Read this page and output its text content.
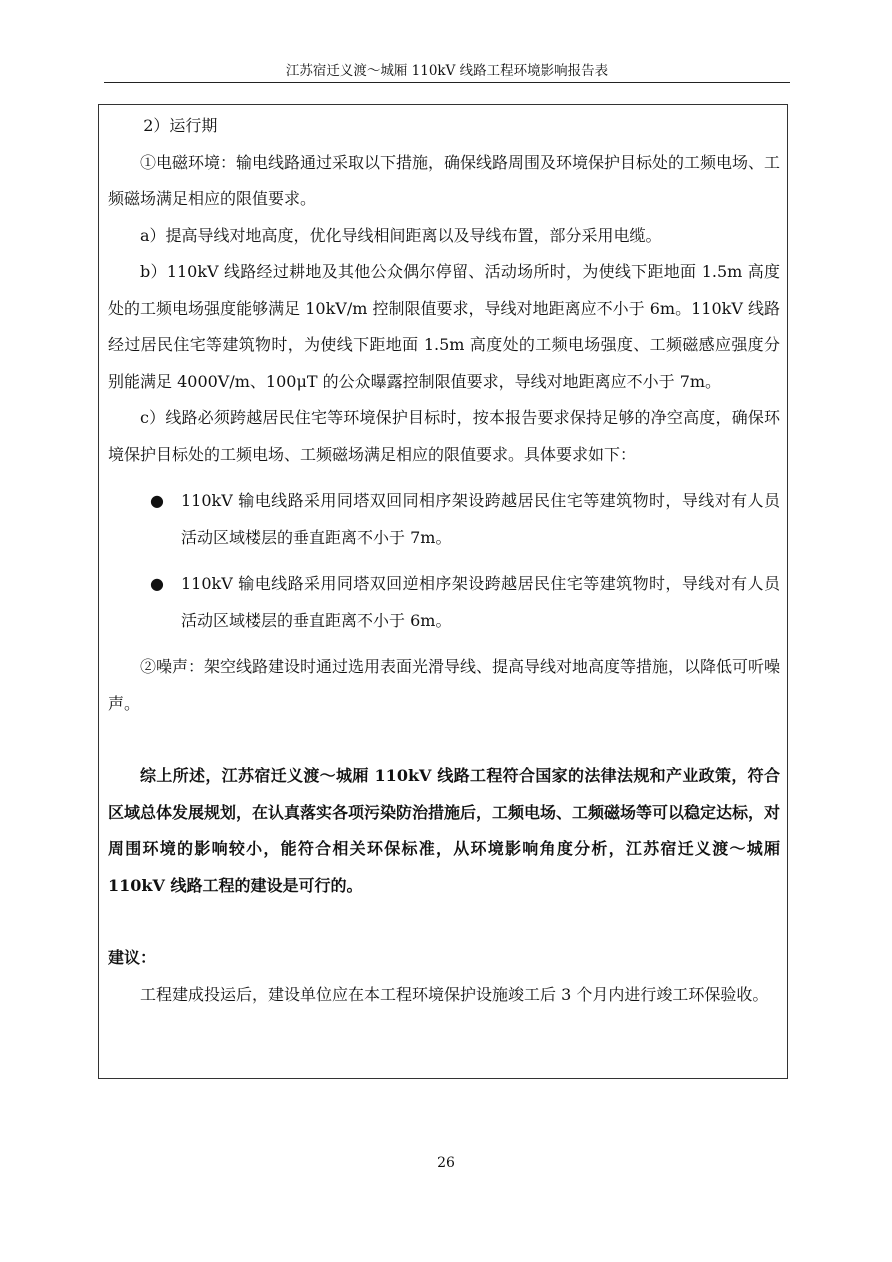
江苏宿迁义渡～城厢 110kV 线路工程环境影响报告表

2）运行期

①电磁环境：输电线路通过采取以下措施，确保线路周围及环境保护目标处的工频电场、工频磁场满足相应的限值要求。

a）提高导线对地高度，优化导线相间距离以及导线布置，部分采用电缆。

b）110kV 线路经过耕地及其他公众偶尔停留、活动场所时，为使线下距地面 1.5m 高度处的工频电场强度能够满足 10kV/m 控制限值要求，导线对地距离应不小于 6m。110kV 线路经过居民住宅等建筑物时，为使线下距地面 1.5m 高度处的工频电场强度、工频磁感应强度分别能满足 4000V/m、100μT 的公众曝露控制限值要求，导线对地距离应不小于 7m。

c）线路必须跨越居民住宅等环境保护目标时，按本报告要求保持足够的净空高度，确保环境保护目标处的工频电场、工频磁场满足相应的限值要求。具体要求如下：

● 110kV 输电线路采用同塔双回同相序架设跨越居民住宅等建筑物时，导线对有人员活动区域楼层的垂直距离不小于 7m。
● 110kV 输电线路采用同塔双回逆相序架设跨越居民住宅等建筑物时，导线对有人员活动区域楼层的垂直距离不小于 6m。

②噪声：架空线路建设时通过选用表面光滑导线、提高导线对地高度等措施，以降低可听噪声。

综上所述，江苏宿迁义渡～城厢 110kV 线路工程符合国家的法律法规和产业政策，符合区域总体发展规划，在认真落实各项污染防治措施后，工频电场、工频磁场等可以稳定达标，对周围环境的影响较小，能符合相关环保标准，从环境影响角度分析，江苏宿迁义渡～城厢 110kV 线路工程的建设是可行的。

建议：

工程建成投运后，建设单位应在本工程环境保护设施竣工后 3 个月内进行竣工环保验收。

26
